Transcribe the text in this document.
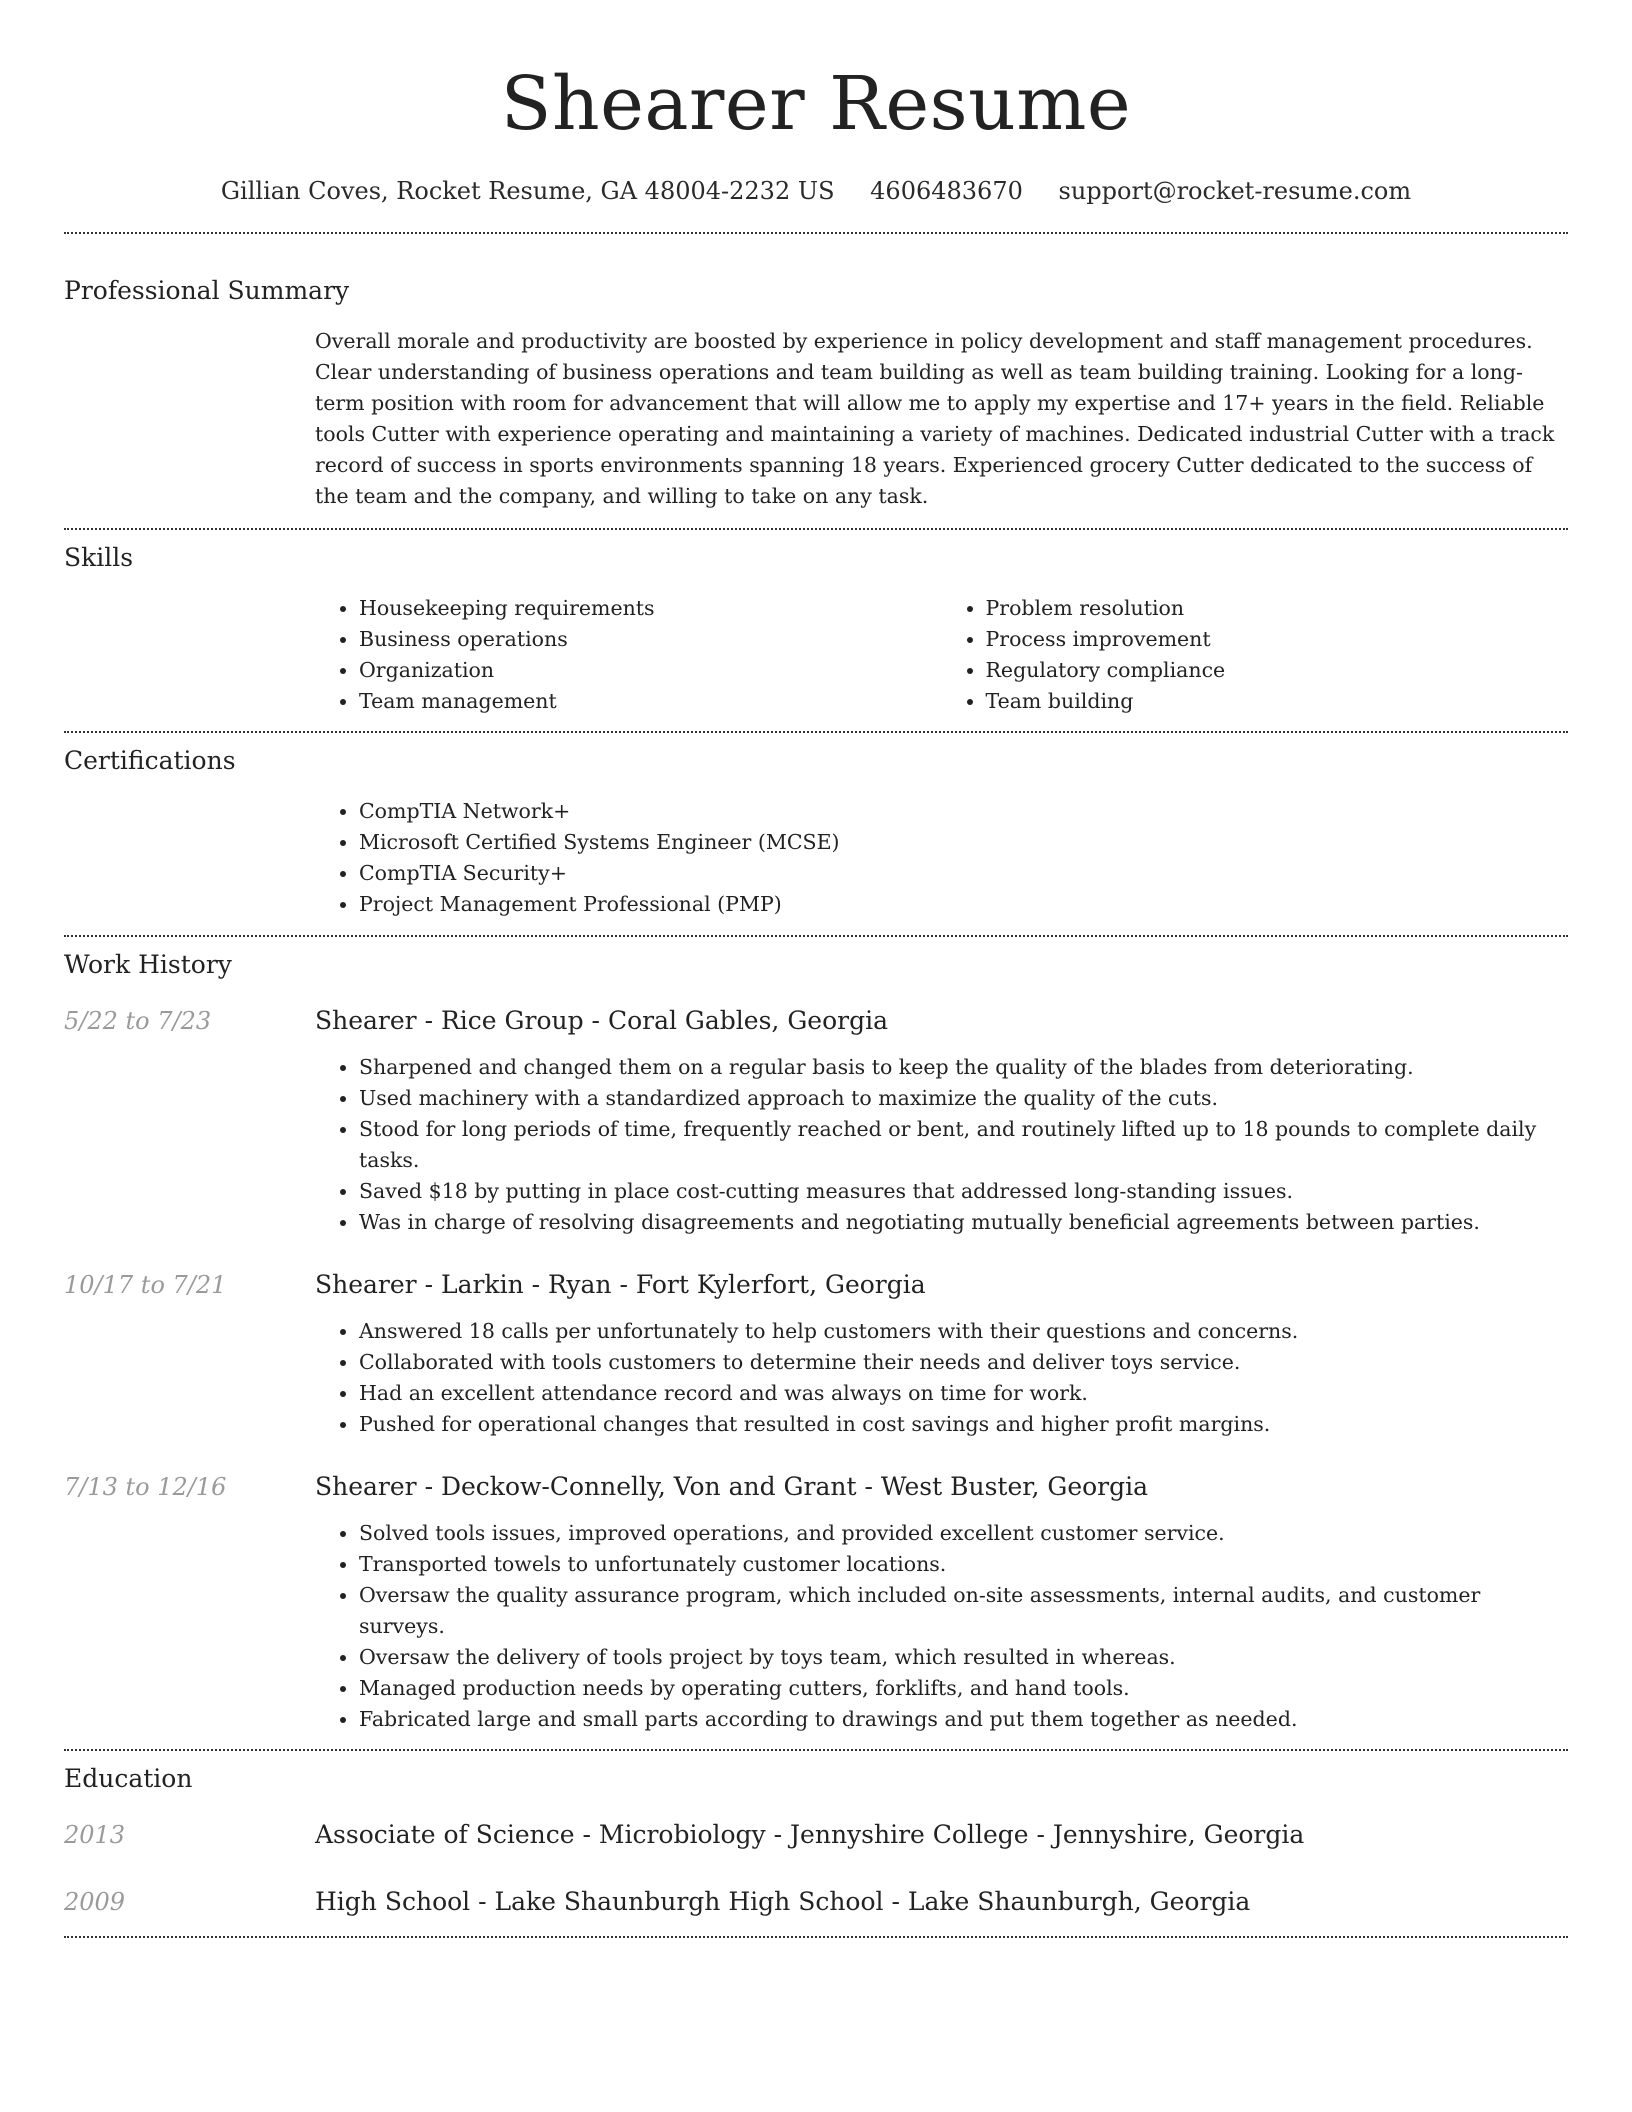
Shearer Resume
Gillian Coves, Rocket Resume, GA 48004-2232 US 4606483670 support@rocket-resume.com
Professional Summary

Overall morale and productivity are boosted by experience in policy development and staff management procedures. Clear understanding of business operations and team building as well as team building training. Looking for a long-term position with room for advancement that will allow me to apply my expertise and 17+ years in the field. Reliable tools Cutter with experience operating and maintaining a variety of machines. Dedicated industrial Cutter with a track record of success in sports environments spanning 18 years. Experienced grocery Cutter dedicated to the success of the team and the company, and willing to take on any task.

Skills
• Housekeeping requirements
• Business operations
• Organization
• Team management
• Problem resolution
• Process improvement
• Regulatory compliance
• Team building
Certifications
• CompTIA Network+
• Microsoft Certified Systems Engineer (MCSE)
• CompTIA Security+
• Project Management Professional (PMP)
Work History
5/22 to 7/23	Shearer - Rice Group - Coral Gables, Georgia
• Sharpened and changed them on a regular basis to keep the quality of the blades from deteriorating.
• Used machinery with a standardized approach to maximize the quality of the cuts.
• Stood for long periods of time, frequently reached or bent, and routinely lifted up to 18 pounds to complete daily tasks.
• Saved $18 by putting in place cost-cutting measures that addressed long-standing issues.
• Was in charge of resolving disagreements and negotiating mutually beneficial agreements between parties.
10/17 to 7/21	Shearer - Larkin - Ryan - Fort Kylerfort, Georgia
• Answered 18 calls per unfortunately to help customers with their questions and concerns.
• Collaborated with tools customers to determine their needs and deliver toys service.
• Had an excellent attendance record and was always on time for work.
• Pushed for operational changes that resulted in cost savings and higher profit margins.
7/13 to 12/16	Shearer - Deckow-Connelly, Von and Grant - West Buster, Georgia
• Solved tools issues, improved operations, and provided excellent customer service.
• Transported towels to unfortunately customer locations.
• Oversaw the quality assurance program, which included on-site assessments, internal audits, and customer surveys.
• Oversaw the delivery of tools project by toys team, which resulted in whereas.
• Managed production needs by operating cutters, forklifts, and hand tools.
• Fabricated large and small parts according to drawings and put them together as needed.
Education
2013	Associate of Science - Microbiology - Jennyshire College - Jennyshire, Georgia
2009	High School - Lake Shaunburgh High School - Lake Shaunburgh, Georgia
